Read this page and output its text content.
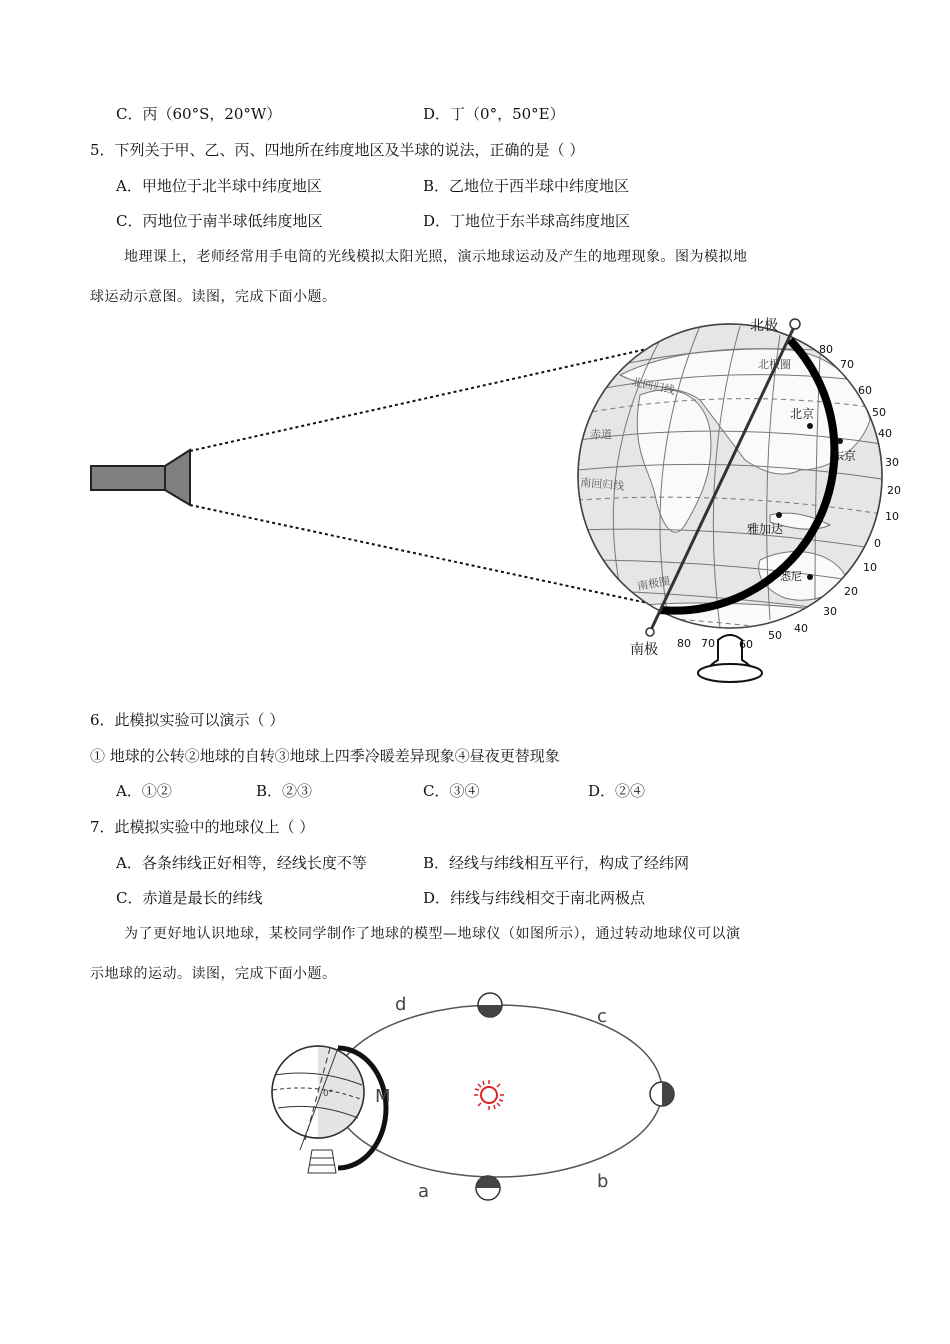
C．丙（60°S，20°W）	D．丁（0°，50°E）
5．下列关于甲、乙、丙、四地所在纬度地区及半球的说法，正确的是（ ）
A．甲地位于北半球中纬度地区	B．乙地位于西半球中纬度地区
C．丙地位于南半球低纬度地区	D．丁地位于东半球高纬度地区
地理课上，老师经常用手电筒的光线模拟太阳光照，演示地球运动及产生的地理现象。图为模拟地
球运动示意图。读图，完成下面小题。
北极
南极
北极圈
北回归线
赤道
南回归线
南极圈
北京
东京
雅加达
悉尼
80
70
60
50
40
30
20
10
0
10
20
30
40
50
60
70
80
6．此模拟实验可以演示（ ）
① 地球的公转②地球的自转③地球上四季冷暖差异现象④昼夜更替现象
A．①②	B．②③	C．③④	D．②④
7．此模拟实验中的地球仪上（ ）
A．各条纬线正好相等，经线长度不等	B．经线与纬线相互平行，构成了经纬网
C．赤道是最长的纬线	D．纬线与纬线相交于南北两极点
为了更好地认识地球，某校同学制作了地球的模型—地球仪（如图所示），通过转动地球仪可以演
示地球的运动。读图，完成下面小题。
a	b
c
d
M
0°
